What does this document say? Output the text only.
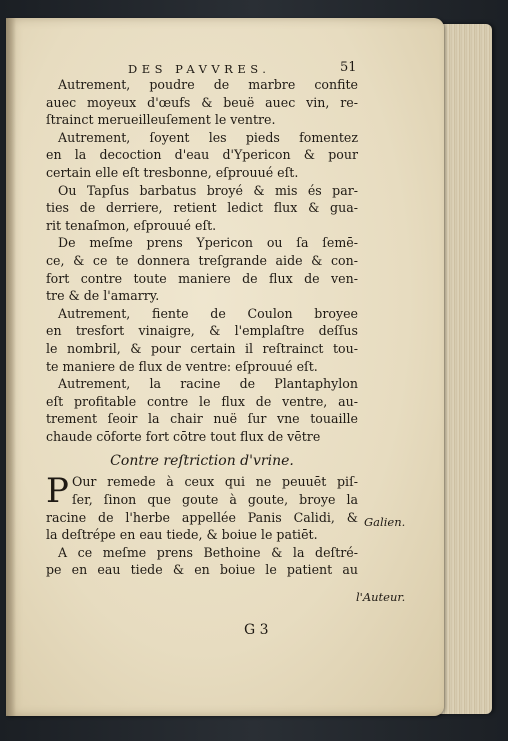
DES PAVVRES.	51
Autrement, poudre de marbre confite
auec moyeux d'œufs & beuë auec vin, re-
ſtrainct merueilleuſement le ventre.
Autrement, ſoyent les pieds fomentez
en la decoction d'eau d'Ypericon & pour
certain elle eſt tresbonne, eſprouué eſt.
Ou Tapſus barbatus broyé & mis és par-
ties de derriere, retient ledict flux & gua-
rit tenaſmon, eſprouué eſt.
De meſme prens Ypericon ou ſa ſemē-
ce, & ce te donnera treſgrande aide & con-
fort contre toute maniere de flux de ven-
tre & de l'amarry.
Autrement, fiente de Coulon broyee
en tresfort vinaigre, & l'emplaſtre deſſus
le nombril, & pour certain il reſtrainct tou-
te maniere de flux de ventre: eſprouué eſt.
Autrement, la racine de Plantaphylon
eſt profitable contre le flux de ventre, au-
trement ſeoir la chair nuë ſur vne touaille
chaude cōforte fort cōtre tout flux de vētre
Contre reſtriction d'vrine.
P Our remede à ceux qui ne peuuēt piſ-
ſer, ſinon que goute à goute, broye la
racine de l'herbe appellée Panis Calidi, &
la deſtrépe en eau tiede, & boiue le patiēt.
A ce meſme prens Bethoine & la deſtré-
pe en eau tiede & en boiue le patient au
Galien.
l'Auteur.
G 3
